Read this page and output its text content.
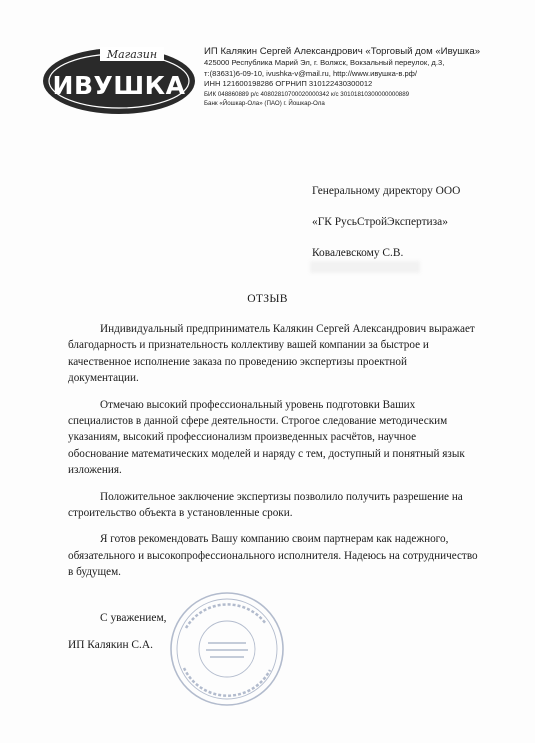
Магазин
ИВУШКА
ИП Калякин Сергей Александрович «Торговый дом «Ивушка»
425000 Республика Марий Эл, г. Волжск, Вокзальный переулок, д.3,
т:(83631)6-09-10, ivushka-v@mail.ru, http://www.ивушка-в.рф/
ИНН 121600198286 ОГРНИП 310122430300012
БИК 048860889 р/с 40802810700020000342 к/с 30101810300000000889
Банк «Йошкар-Ола» (ПАО) г. Йошкар-Ола
Генеральному директору ООО
«ГК РусьСтройЭкспертиза»
Ковалевскому С.В.
ОТЗЫВ

Индивидуальный предприниматель Калякин Сергей Александрович выражает благодарность и признательность коллективу вашей компании за быстрое и качественное исполнение заказа по проведению экспертизы проектной документации.

Отмечаю высокий профессиональный уровень подготовки Ваших специалистов в данной сфере деятельности. Строгое следование методическим указаниям, высокий профессионализм произведенных расчётов, научное обоснование математических моделей и наряду с тем, доступный и понятный язык изложения.

Положительное заключение экспертизы позволило получить разрешение на строительство объекта в установленные сроки.

Я готов рекомендовать Вашу компанию своим партнерам как надежного, обязательного и высокопрофессионального исполнителя. Надеюсь на сотрудничество в будущем.

С уважением,
ИП Калякин С.А.
